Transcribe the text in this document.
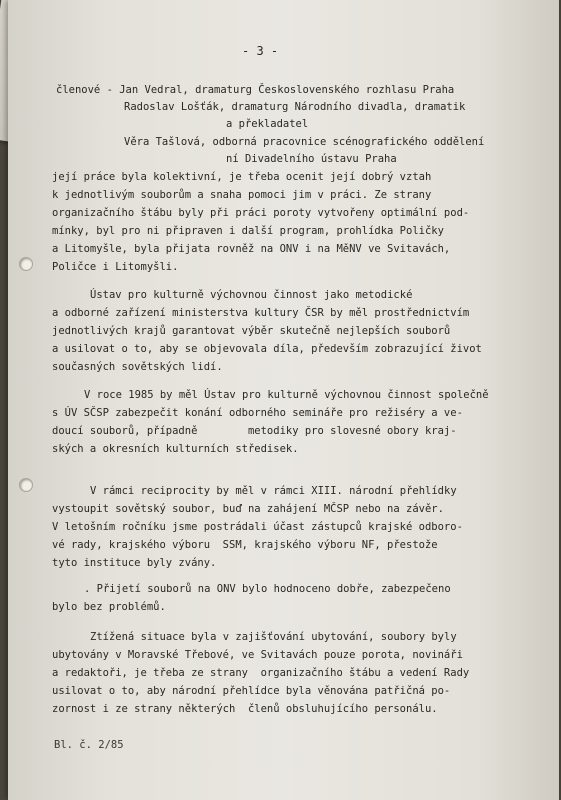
- 3 -

členové - Jan Vedral, dramaturg Československého rozhlasu Praha

Radoslav Lošťák, dramaturg Národního divadla, dramatik

a překladatel

Věra Tašlová, odborná pracovnice scénografického oddělení

ní Divadelního ústavu Praha

její práce byla kolektivní, je třeba ocenit její dobrý vztah

k jednotlivým souborům a snaha pomoci jim v práci. Ze strany

organizačního štábu byly při práci poroty vytvořeny optimální pod-

mínky, byl pro ni připraven i další program, prohlídka Poličky

a Litomyšle, byla přijata rovněž na ONV i na MěNV ve Svitavách,

Poličce i Litomyšli.

Ústav pro kulturně výchovnou činnost jako metodické

a odborné zařízení ministerstva kultury ČSR by měl prostřednictvím

jednotlivých krajů garantovat výběr skutečně nejlepších souborů

a usilovat o to, aby se objevovala díla, především zobrazující život

současných sovětských lidí.

V roce 1985 by měl Ústav pro kulturně výchovnou činnost společně

s ÚV SČSP zabezpečit konání odborného semináře pro režiséry a ve-

doucí souborů, případně        metodiky pro slovesné obory kraj-

ských a okresních kulturních středisek.

V rámci reciprocity by měl v rámci XIII. národní přehlídky

vystoupit sovětský soubor, buď na zahájení MČSP nebo na závěr.

V letošním ročníku jsme postrádali účast zástupců krajské odboro-

vé rady, krajského výboru  SSM, krajského výboru NF, přestože

tyto instituce byly zvány.

. Přijetí souborů na ONV bylo hodnoceno dobře, zabezpečeno

bylo bez problémů.

Ztížená situace byla v zajišťování ubytování, soubory byly

ubytovány v Moravské Třebové, ve Svitavách pouze porota, novináři

a redaktoři, je třeba ze strany  organizačního štábu a vedení Rady

usilovat o to, aby národní přehlídce byla věnována patřičná po-

zornost i ze strany některých  členů obsluhujícího personálu.

Bl. č. 2/85
